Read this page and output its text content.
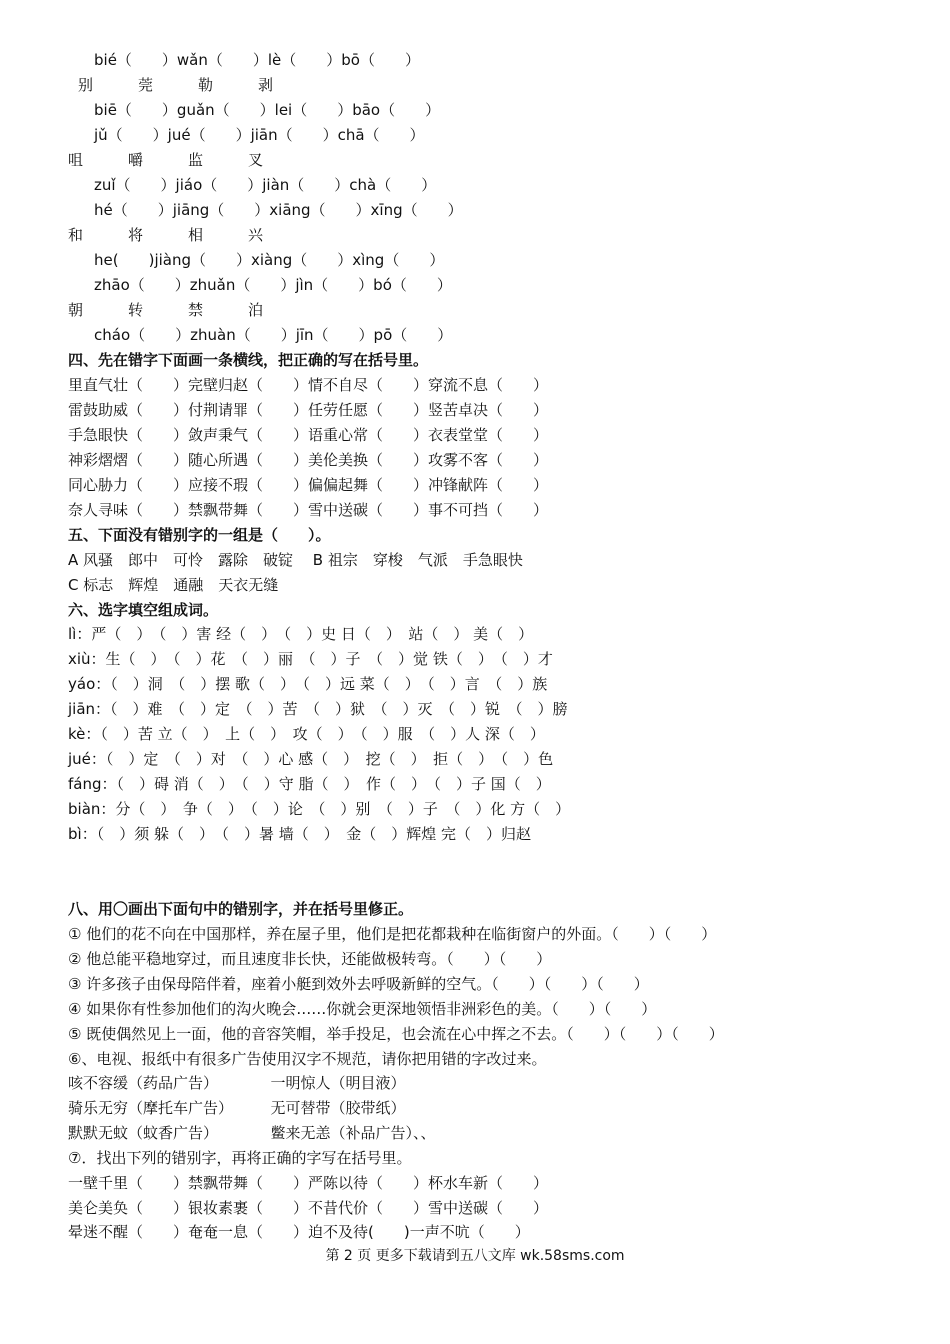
bié（　　）wǎn（　　）lè（　　）bō（　　）
别　　　莞　　　勒　　　剥
biē（　　）guǎn（　　）lei（　　）bāo（　　）
jǔ（　　）jué（　　）jiān（　　）chā（　　）
咀　　　嚼　　　监　　　叉
zuǐ（　　）jiáo（　　）jiàn（　　）chà（　　）
hé（　　）jiāng（　　）xiāng（　　）xīng（　　）
和　　　将　　　相　　　兴
he(　　)jiàng（　　）xiàng（　　）xìng（　　）
zhāo（　　）zhuǎn（　　）jìn（　　）bó（　　）
朝　　　转　　　禁　　　泊
cháo（　　）zhuàn（　　）jīn（　　）pō（　　）
四、先在错字下面画一条横线，把正确的写在括号里。
里直气壮（　　）完壁归赵（　　）情不自尽（　　）穿流不息（　　）
雷鼓助威（　　）付荆请罪（　　）任劳任愿（　　）竖苦卓决（　　）
手急眼快（　　）敛声秉气（　　）语重心常（　　）衣表堂堂（　　）
神彩熠熠（　　）随心所遇（　　）美伦美换（　　）攻雾不客（　　）
同心胁力（　　）应接不瑕（　　）偏偏起舞（　　）冲锋献阵（　　）
奈人寻味（　　）禁飘带舞（　　）雪中送碳（　　）事不可挡（　　）
五、下面没有错别字的一组是（　　）。
A 风骚　郎中　可怜　露除　破锭　 B 祖宗　穿梭　气派　手急眼快
C 标志　辉煌　通融　天衣无缝
六、选字填空组成词。
lì：严（　）　（　）害 经（　）　（　）史 日（　）　站（　） 美（　）
xiù：生（　）　（　）花　（　）丽　（　）子　（　）觉 铁（　）　（　）才
yáo：（　）洞　（　）摆 歌（　）　（　）远 菜（　）　（　）言　（　）族
jiān：（　）难　（　）定　（　）苦　（　）狱　（　）灭　（　）锐　（　）膀
kè：（　）苦 立（　）　上（　）　攻（　）　（　）服　（　）人 深（　）
jué：（　）定　（　）对　（　）心 感（　）　挖（　）　拒（　）　（　）色
fáng：（　）碍 消（　）　（　）守 脂（　）　作（　）　（　）子 国（　）
biàn：分（　）　争（　）　（　）论　（　）别　（　）子　（　）化 方（　）
bì：（　）须 躲（　）　（　）暑 墙（　）　金（　）辉煌 完（　）归赵
八、用〇画出下面句中的错别字，并在括号里修正。
① 他们的花不向在中国那样，养在屋子里，他们是把花都栽种在临街窗户的外面。（　　）（　　）
② 他总能平稳地穿过，而且速度非长快，还能做极转弯。（　　）（　　）
③ 许多孩子由保母陪伴着，座着小艇到效外去呼吸新鲜的空气。（　　）（　　）（　　）
④ 如果你有性参加他们的沟火晚会……你就会更深地领悟非洲彩色的美。（　　）（　　）
⑤ 既使偶然见上一面，他的音容笑帽，举手投足，也会流在心中挥之不去。（　　）（　　）（　　）
⑥、电视、报纸中有很多广告使用汉字不规范，请你把用错的字改过来。
咳不容缓（药品广告）　　　　一明惊人（明目液）
骑乐无穷（摩托车广告）　　　无可替带（胶带纸）
默默无蚊（蚊香广告）　　　　鳖来无恙（补品广告）、、
⑦．找出下列的错别字，再将正确的字写在括号里。
一壁千里（　　）禁飘带舞（　　）严陈以待（　　）杯水车新（　　）
美仑美奂（　　）银妆素裹（　　）不昔代价（　　）雪中送碳（　　）
晕迷不醒（　　）奄奄一息（　　）迫不及待(　　)一声不吭（　　）
第 2 页 更多下载请到五八文库 wk.58sms.com
